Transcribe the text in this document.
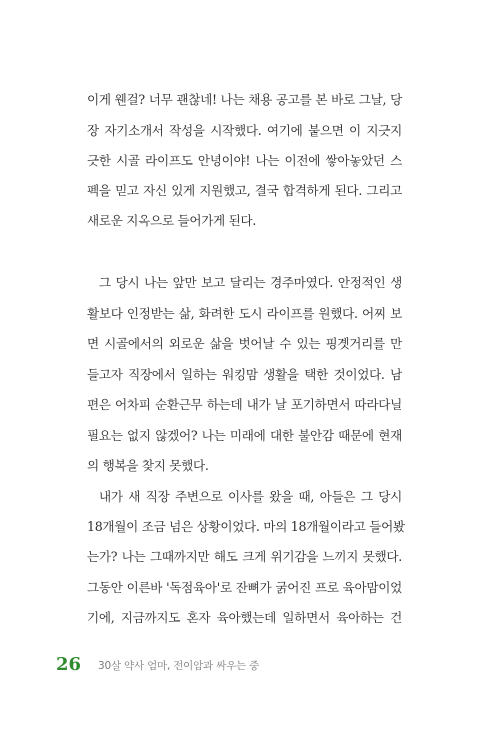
이게 웬걸? 너무 괜찮네! 나는 채용 공고를 본 바로 그날, 당
장 자기소개서 작성을 시작했다. 여기에 붙으면 이 지긋지
긋한 시골 라이프도 안녕이야! 나는 이전에 쌓아놓았던 스
펙을 믿고 자신 있게 지원했고, 결국 합격하게 된다. 그리고
새로운 지옥으로 들어가게 된다.
그 당시 나는 앞만 보고 달리는 경주마였다. 안정적인 생
활보다 인정받는 삶, 화려한 도시 라이프를 원했다. 어찌 보
면 시골에서의 외로운 삶을 벗어날 수 있는 핑곗거리를 만
들고자 직장에서 일하는 워킹맘 생활을 택한 것이었다. 남
편은 어차피 순환근무 하는데 내가 날 포기하면서 따라다닐
필요는 없지 않겠어? 나는 미래에 대한 불안감 때문에 현재
의 행복을 찾지 못했다.
내가 새 직장 주변으로 이사를 왔을 때, 아들은 그 당시
18개월이 조금 넘은 상황이었다. 마의 18개월이라고 들어봤
는가? 나는 그때까지만 해도 크게 위기감을 느끼지 못했다.
그동안 이른바 '독점육아'로 잔뼈가 굵어진 프로 육아맘이었
기에, 지금까지도 혼자 육아했는데 일하면서 육아하는 건
26 30살 약사 엄마, 전이암과 싸우는 중
